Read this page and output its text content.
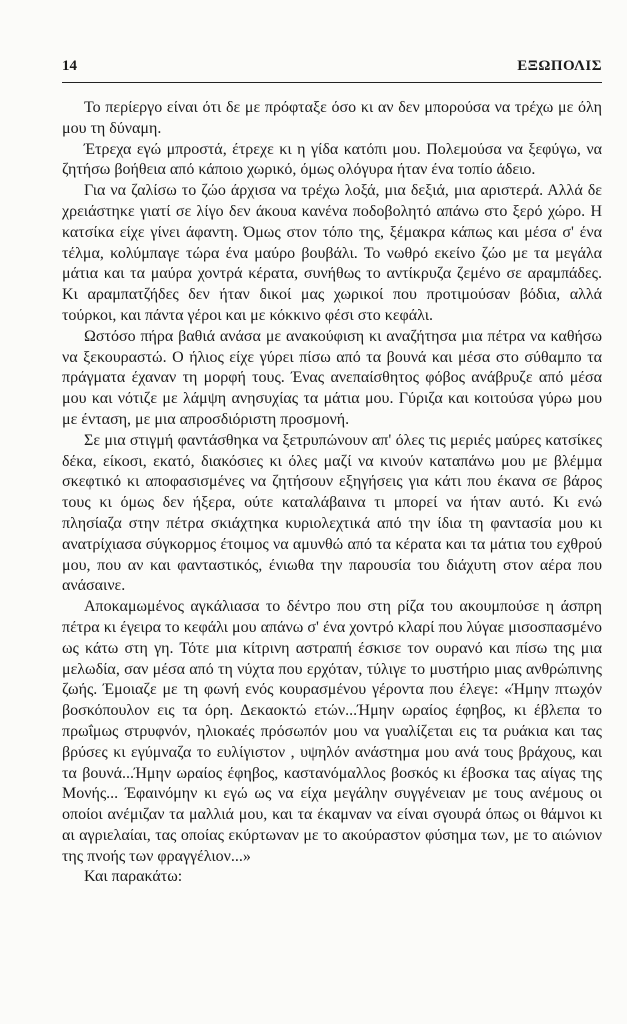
14	ΕΞΩΠΟΛΙΣ

Το περίεργο είναι ότι δε με πρόφταξε όσο κι αν δεν μπορούσα να τρέχω με όλη μου τη δύναμη.

Έτρεχα εγώ μπροστά, έτρεχε κι η γίδα κατόπι μου. Πολεμούσα να ξεφύγω, να ζητήσω βοήθεια από κάποιο χωρικό, όμως ολόγυρα ήταν ένα τοπίο άδειο.

Για να ζαλίσω το ζώο άρχισα να τρέχω λοξά, μια δεξιά, μια αριστερά. Αλλά δε χρειάστηκε γιατί σε λίγο δεν άκουα κανένα ποδοβολητό απάνω στο ξερό χώρο. Η κατσίκα είχε γίνει άφαντη. Όμως στον τόπο της, ξέμακρα κάπως και μέσα σ' ένα τέλμα, κολύμπαγε τώρα ένα μαύρο βουβάλι. Το νωθρό εκείνο ζώο με τα μεγάλα μάτια και τα μαύρα χοντρά κέρατα, συνήθως το αντίκρυζα ζεμένο σε αραμπάδες. Κι αραμπατζήδες δεν ήταν δικοί μας χωρικοί που προτιμούσαν βόδια, αλλά τούρκοι, και πάντα γέροι και με κόκκινο φέσι στο κεφάλι.

Ωστόσο πήρα βαθιά ανάσα με ανακούφιση κι αναζήτησα μια πέτρα να καθήσω να ξεκουραστώ. Ο ήλιος είχε γύρει πίσω από τα βουνά και μέσα στο σύθαμπο τα πράγματα έχαναν τη μορφή τους. Ένας ανεπαίσθητος φόβος ανάβρυζε από μέσα μου και νότιζε με λάμψη ανησυχίας τα μάτια μου. Γύριζα και κοιτούσα γύρω μου με ένταση, με μια απροσδιόριστη προσμονή.

Σε μια στιγμή φαντάσθηκα να ξετρυπώνουν απ' όλες τις μεριές μαύρες κατσίκες δέκα, είκοσι, εκατό, διακόσιες κι όλες μαζί να κινούν καταπάνω μου με βλέμμα σκεφτικό κι αποφασισμένες να ζητήσουν εξηγήσεις για κάτι που έκανα σε βάρος τους κι όμως δεν ήξερα, ούτε καταλάβαινα τι μπορεί να ήταν αυτό. Κι ενώ πλησίαζα στην πέτρα σκιάχτηκα κυριολεχτικά από την ίδια τη φαντασία μου κι ανατρίχιασα σύγκορμος έτοιμος να αμυνθώ από τα κέρατα και τα μάτια του εχθρού μου, που αν και φανταστικός, ένιωθα την παρουσία του διάχυτη στον αέρα που ανάσαινε.

Αποκαμωμένος αγκάλιασα το δέντρο που στη ρίζα του ακουμπούσε η άσπρη πέτρα κι έγειρα το κεφάλι μου απάνω σ' ένα χοντρό κλαρί που λύγαε μισοσπασμένο ως κάτω στη γη. Τότε μια κίτρινη αστραπή έσκισε τον ουρανό και πίσω της μια μελωδία, σαν μέσα από τη νύχτα που ερχόταν, τύλιγε το μυστήριο μιας ανθρώπινης ζωής. Έμοιαζε με τη φωνή ενός κουρασμένου γέροντα που έλεγε: «Ήμην πτωχόν βοσκόπουλον εις τα όρη. Δεκαοκτώ ετών...Ήμην ωραίος έφηβος, κι έβλεπα το πρωΐμως στρυφνόν, ηλιοκαές πρόσωπόν μου να γυαλίζεται εις τα ρυάκια και τας βρύσες κι εγύμναζα το ευλίγιστον , υψηλόν ανάστημα μου ανά τους βράχους, και τα βουνά...Ήμην ωραίος έφηβος, καστανόμαλλος βοσκός κι έβοσκα τας αίγας της Μονής... Έφαινόμην κι εγώ ως να είχα μεγάλην συγγένειαν με τους ανέμους οι οποίοι ανέμιζαν τα μαλλιά μου, και τα έκαμναν να είναι σγουρά όπως οι θάμνοι κι αι αγριελαίαι, τας οποίας εκύρτωναν με το ακούραστον φύσημα των, με το αιώνιον της πνοής των φραγγέλιον...»

Και παρακάτω:
